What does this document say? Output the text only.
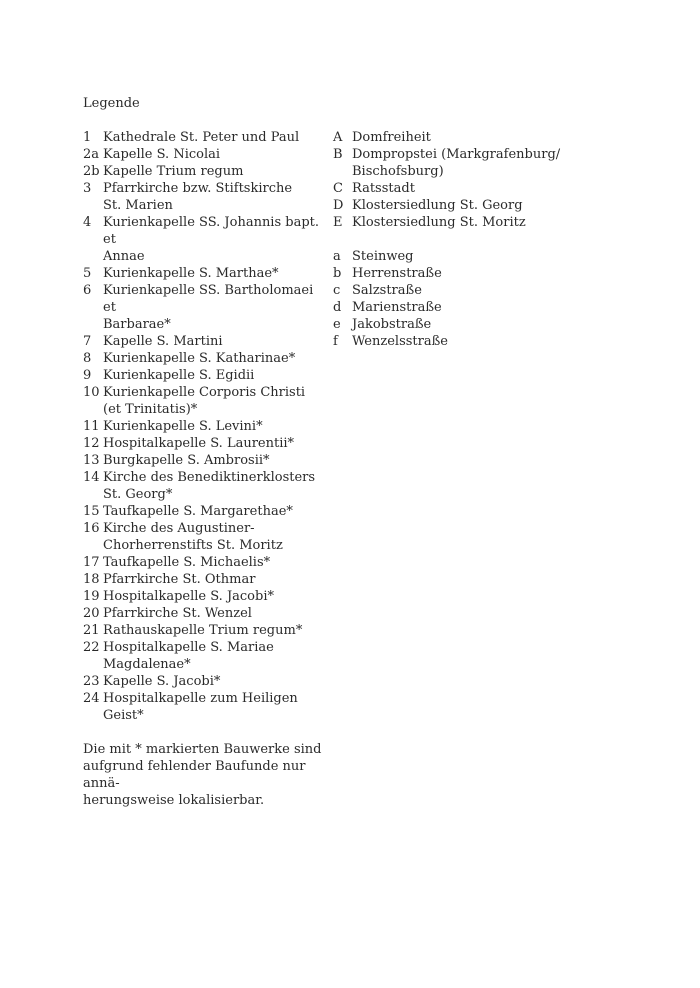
Legende
1 Kathedrale St. Peter und Paul
2a Kapelle S. Nicolai
2b Kapelle Trium regum
3 Pfarrkirche bzw. Stiftskirche
St. Marien
4 Kurienkapelle SS. Johannis bapt. et
Annae
5 Kurienkapelle S. Marthae*
6 Kurienkapelle SS. Bartholomaei et
Barbarae*
7 Kapelle S. Martini
8 Kurienkapelle S. Katharinae*
9 Kurienkapelle S. Egidii
10 Kurienkapelle Corporis Christi
(et Trinitatis)*
11 Kurienkapelle S. Levini*
12 Hospitalkapelle S. Laurentii*
13 Burgkapelle S. Ambrosii*
14 Kirche des Benediktinerklosters
St. Georg*
15 Taufkapelle S. Margarethae*
16 Kirche des Augustiner-
Chorherrenstifts St. Moritz
17 Taufkapelle S. Michaelis*
18 Pfarrkirche St. Othmar
19 Hospitalkapelle S. Jacobi*
20 Pfarrkirche St. Wenzel
21 Rathauskapelle Trium regum*
22 Hospitalkapelle S. Mariae
Magdalenae*
23 Kapelle S. Jacobi*
24 Hospitalkapelle zum Heiligen Geist*
Die mit * markierten Bauwerke sind
aufgrund fehlender Baufunde nur annä-
herungsweise lokalisierbar.
A Domfreiheit
B Dompropstei (Markgrafenburg/
Bischofsburg)
C Ratsstadt
D Klostersiedlung St. Georg
E Klostersiedlung St. Moritz
a Steinweg
b Herrenstraße
c Salzstraße
d Marienstraße
e Jakobstraße
f	Wenzelsstraße
